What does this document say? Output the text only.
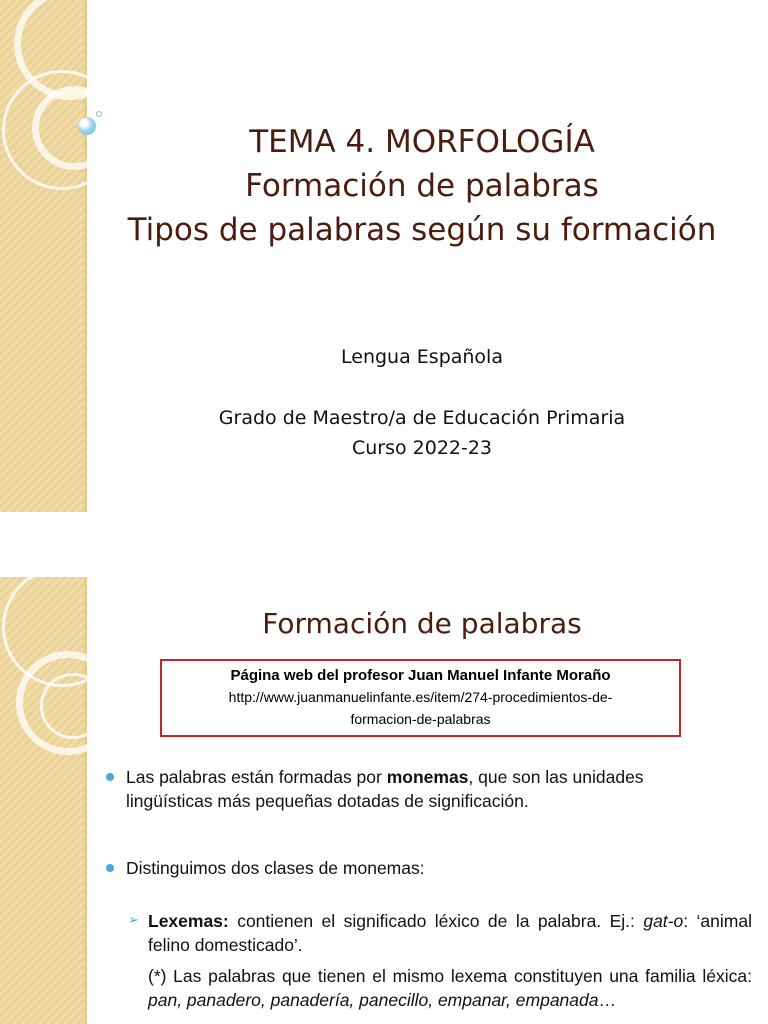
TEMA 4. MORFOLOGÍA
Formación de palabras
Tipos de palabras según su formación
Lengua Española
Grado de Maestro/a de Educación Primaria
Curso 2022-23
Formación de palabras
Página web del profesor Juan Manuel Infante Moraño
http://www.juanmanuelinfante.es/item/274-procedimientos-de-
formacion-de-palabras
Las palabras están formadas por monemas, que son las unidades lingüísticas más pequeñas dotadas de significación.
Distinguimos dos clases de monemas:
➢ Lexemas: contienen el significado léxico de la palabra. Ej.: gat-o: ‘animal felino domesticado’.
(*) Las palabras que tienen el mismo lexema constituyen una familia léxica: pan, panadero, panadería, panecillo, empanar, empanada…
